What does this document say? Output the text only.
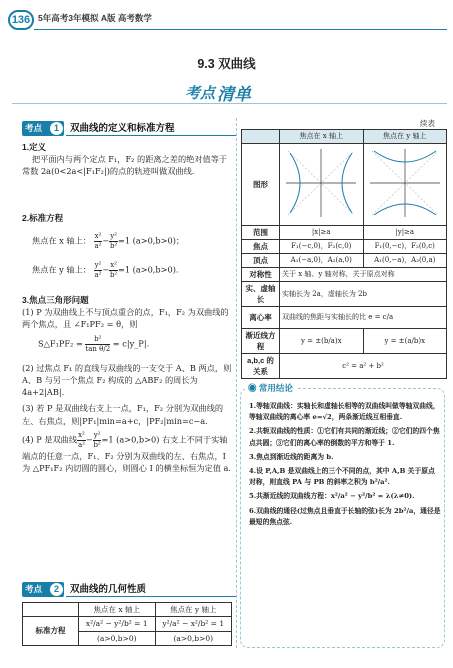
136 5年高考3年模拟 A版 高考数学
9.3 双曲线
考点 清单
考点	1	双曲线的定义和标准方程
1.定义
把平面内与两个定点 F₁，F₂ 的距离之差的绝对值等于常数 2a(0<2a<|F₁F₂|)的点的轨迹叫做双曲线.
2.标准方程
焦点在 x 轴上： $\frac{\text{x²}}{\text{a²}} - \frac{\text{y²}}{\text{b²}} =1$ (a>0,b>0)；
焦点在 y 轴上： $\frac{\text{y²}}{\text{a²}} - \frac{\text{x²}}{\text{b²}} =1$ (a>0,b>0).
3.焦点三角形问题
(1) P 为双曲线上不与顶点重合的点，F₁，F₂ 为双曲线的两个焦点，且 ∠F₁PF₂ = θ，则
S△F₁PF₂ = $\frac{\text{b²}}{\text{tan θ/2}}$ = c|y_P|.
(2) 过焦点 F₁ 的直线与双曲线的一支交于 A、B 两点，则 A、B 与另一个焦点 F₂ 构成的 △ABF₂ 的周长为 4a+2|AB|.
(3) 若 P 是双曲线右支上一点，F₁，F₂ 分别为双曲线的左、右焦点，则|PF₁|min=a+c，|PF₂|min=c−a.
(4) P 是双曲线 $\frac{\text{x²}}{\text{a²}} - \frac{\text{y²}}{\text{b²}} =1$ (a>0,b>0) 右支上不同于实轴端点的任意一点，F₁、F₂ 分别为双曲线的左、右焦点，I 为 △PF₁F₂ 内切圆的圆心，则圆心 I 的横坐标恒为定值 a.
考点	2	双曲线的几何性质
	焦点在 x 轴上	焦点在 y 轴上
标准方程	x²/a² − y²/b² = 1	y²/a² − x²/b² = 1
	(a>0,b>0)	(a>0,b>0)
续表
	焦点在 x 轴上	焦点在 y 轴上
图形		
范围	|x|≥a	|y|≥a
焦点	F₁(−c,0)，F₂(c,0)	F₁(0,−c)，F₂(0,c)
顶点	A₁(−a,0)，A₂(a,0)	A₁(0,−a)，A₂(0,a)
对称性	关于 x 轴、y 轴对称，关于原点对称	
实、虚轴长	实轴长为 2a，虚轴长为 2b	
离心率	双曲线的焦距与实轴长的比 e = c/a	
渐近线方程	y = ±(b/a)x	y = ±(a/b)x
a,b,c 的关系	c² = a² + b²	
◉ 常用结论
1.等轴双曲线：实轴长和虚轴长相等的双曲线叫做等轴双曲线，等轴双曲线的离心率 e=√2，两条渐近线互相垂直.
2.共轭双曲线的性质：①它们有共同的渐近线；②它们的四个焦点共圆；③它们的离心率的倒数的平方和等于 1.
3.焦点到渐近线的距离为 b.
4.设 P,A,B 是双曲线上的三个不同的点，其中 A,B 关于原点对称，则直线 PA 与 PB 的斜率之积为 b²/a².
5.共渐近线的双曲线方程：x²/a² − y²/b² = λ(λ≠0).
6.双曲线的通径(过焦点且垂直于长轴的弦)长为 2b²/a，通径是最短的焦点弦.
